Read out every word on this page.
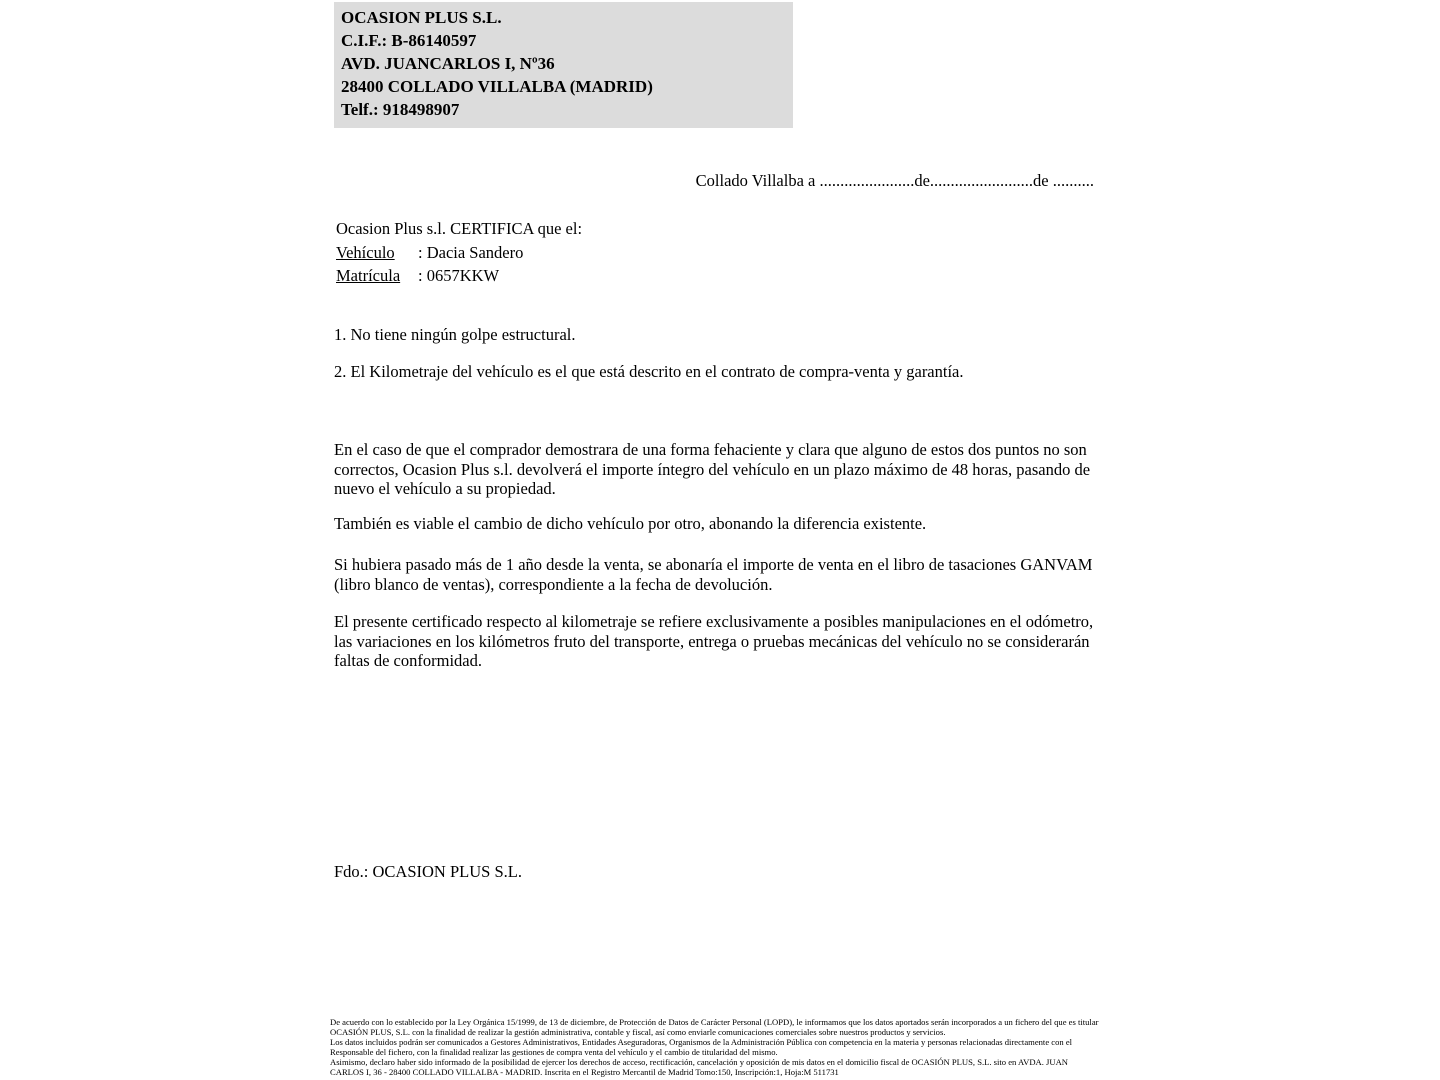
OCASION PLUS S.L.
C.I.F.: B-86140597
AVD. JUANCARLOS I, Nº36
28400 COLLADO VILLALBA (MADRID)
Telf.: 918498907
Collado Villalba a .......................de.........................de ..........
Ocasion Plus s.l. CERTIFICA que el:
Vehículo : Dacia Sandero
Matrícula : 0657KKW
1. No tiene ningún golpe estructural.
2. El Kilometraje del vehículo es el que está descrito en el contrato de compra-venta y garantía.
En el caso de que el comprador demostrara de una forma fehaciente y clara que alguno de estos dos puntos no son correctos, Ocasion Plus s.l. devolverá el importe íntegro del vehículo en un plazo máximo de 48 horas, pasando de nuevo el vehículo a su propiedad.
También es viable el cambio de dicho vehículo por otro, abonando la diferencia existente.
Si hubiera pasado más de 1 año desde la venta, se abonaría el importe de venta en el libro de tasaciones GANVAM (libro blanco de ventas), correspondiente a la fecha de devolución.
El presente certificado respecto al kilometraje se refiere exclusivamente a posibles manipulaciones en el odómetro, las variaciones en los kilómetros fruto del transporte, entrega o pruebas mecánicas del vehículo no se considerarán faltas de conformidad.
Fdo.: OCASION PLUS S.L.
De acuerdo con lo establecido por la Ley Orgánica 15/1999, de 13 de diciembre, de Protección de Datos de Carácter Personal (LOPD), le informamos que los datos aportados serán incorporados a un fichero del que es titular OCASIÓN PLUS, S.L. con la finalidad de realizar la gestión administrativa, contable y fiscal, así como enviarle comunicaciones comerciales sobre nuestros productos y servicios.
Los datos incluidos podrán ser comunicados a Gestores Administrativos, Entidades Aseguradoras, Organismos de la Administración Pública con competencia en la materia y personas relacionadas directamente con el Responsable del fichero, con la finalidad realizar las gestiones de compra venta del vehículo y el cambio de titularidad del mismo.
Asimismo, declaro haber sido informado de la posibilidad de ejercer los derechos de acceso, rectificación, cancelación y oposición de mis datos en el domicilio fiscal de OCASIÓN PLUS, S.L. sito en AVDA. JUAN CARLOS I, 36 - 28400 COLLADO VILLALBA - MADRID. Inscrita en el Registro Mercantil de Madrid Tomo:150, Inscripción:1, Hoja:M 511731
